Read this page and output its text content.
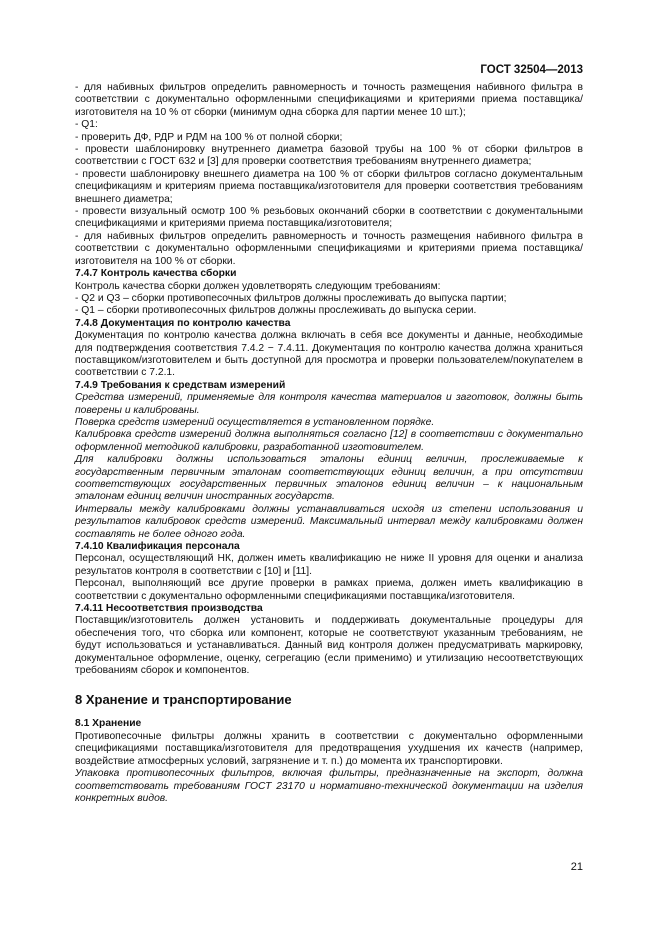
ГОСТ 32504—2013

- для набивных фильтров определить равномерность и точность размещения набивного фильтра в соответствии с документально оформленными спецификациями и критериями приема поставщика/изготовителя на 10 % от сборки (минимум одна сборка для партии менее 10 шт.);

- Q1:

- проверить ДФ, РДР и РДМ на 100 % от полной сборки;

- провести шаблонировку внутреннего диаметра базовой трубы на 100 % от сборки фильтров в соответствии с ГОСТ 632 и [3] для проверки соответствия требованиям внутреннего диаметра;

- провести шаблонировку внешнего диаметра на 100 % от сборки фильтров согласно документальным спецификациям и критериям приема поставщика/изготовителя для проверки соответствия требованиям внешнего диаметра;

- провести визуальный осмотр 100 % резьбовых окончаний сборки в соответствии с документальными спецификациями и критериями приема поставщика/изготовителя;

- для набивных фильтров определить равномерность и точность размещения набивного фильтра в соответствии с документально оформленными спецификациями и критериями приема поставщика/изготовителя на 100 % от сборки.

7.4.7 Контроль качества сборки

Контроль качества сборки должен удовлетворять следующим требованиям:

- Q2 и Q3 – сборки противопесочных фильтров должны прослеживать до выпуска партии;

- Q1 – сборки противопесочных фильтров должны прослеживать до выпуска серии.

7.4.8 Документация по контролю качества

Документация по контролю качества должна включать в себя все документы и данные, необходимые для подтверждения соответствия 7.4.2 − 7.4.11. Документация по контролю качества должна храниться поставщиком/изготовителем и быть доступной для просмотра и проверки пользователем/покупателем в соответствии с 7.2.1.

7.4.9 Требования к средствам измерений

Средства измерений, применяемые для контроля качества материалов и заготовок, должны быть поверены и калиброваны.

Поверка средств измерений осуществляется в установленном порядке.

Калибровка средств измерений должна выполняться согласно [12] в соответствии с документально оформленной методикой калибровки, разработанной изготовителем.

Для калибровки должны использоваться эталоны единиц величин, прослеживаемые к государственным первичным эталонам соответствующих единиц величин, а при отсутствии соответствующих государственных первичных эталонов единиц величин – к национальным эталонам единиц величин иностранных государств.

Интервалы между калибровками должны устанавливаться исходя из степени использования и результатов калибровок средств измерений. Максимальный интервал между калибровками должен составлять не более одного года.

7.4.10 Квалификация персонала

Персонал, осуществляющий НК, должен иметь квалификацию не ниже II уровня для оценки и анализа результатов контроля в соответствии с [10] и [11].

Персонал, выполняющий все другие проверки в рамках приема, должен иметь квалификацию в соответствии с документально оформленными спецификациями поставщика/изготовителя.

7.4.11 Несоответствия производства

Поставщик/изготовитель должен установить и поддерживать документальные процедуры для обеспечения того, что сборка или компонент, которые не соответствуют указанным требованиям, не будут использоваться и устанавливаться. Данный вид контроля должен предусматривать маркировку, документальное оформление, оценку, сегрегацию (если применимо) и утилизацию несоответствующих требованиям сборок и компонентов.

8 Хранение и транспортирование

8.1 Хранение

Противопесочные фильтры должны хранить в соответствии с документально оформленными спецификациями поставщика/изготовителя для предотвращения ухудшения их качеств (например, воздействие атмосферных условий, загрязнение и т. п.) до момента их транспортировки.

Упаковка противопесочных фильтров, включая фильтры, предназначенные на экспорт, должна соответствовать требованиям ГОСТ 23170 и нормативно-технической документации на изделия конкретных видов.

21
